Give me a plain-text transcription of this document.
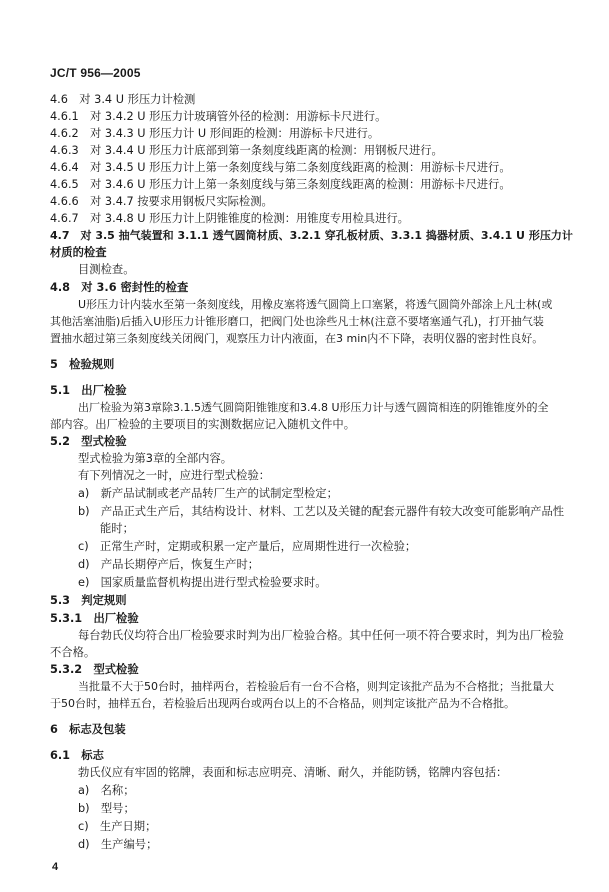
JC/T 956—2005
4.6　对 3.4 U 形压力计检测
4.6.1　对 3.4.2 U 形压力计玻璃管外径的检测：用游标卡尺进行。
4.6.2　对 3.4.3 U 形压力计 U 形间距的检测：用游标卡尺进行。
4.6.3　对 3.4.4 U 形压力计底部到第一条刻度线距离的检测：用钢板尺进行。
4.6.4　对 3.4.5 U 形压力计上第一条刻度线与第二条刻度线距离的检测：用游标卡尺进行。
4.6.5　对 3.4.6 U 形压力计上第一条刻度线与第三条刻度线距离的检测：用游标卡尺进行。
4.6.6　对 3.4.7 按要求用钢板尺实际检测。
4.6.7　对 3.4.8 U 形压力计上阴锥锥度的检测：用锥度专用检具进行。
4.7　对 3.5 抽气装置和 3.1.1 透气圆筒材质、3.2.1 穿孔板材质、3.3.1 捣器材质、3.4.1 U 形压力计
材质的检查
目测检查。
4.8　对 3.6 密封性的检查
U形压力计内装水至第一条刻度线，用橡皮塞将透气圆筒上口塞紧，将透气圆筒外部涂上凡士林(或
其他活塞油脂)后插入U形压力计锥形磨口，把阀门处也涂些凡士林(注意不要堵塞通气孔)，打开抽气装
置抽水超过第三条刻度线关闭阀门，观察压力计内液面，在3 min内不下降，表明仪器的密封性良好。
5　检验规则
5.1　出厂检验
出厂检验为第3章除3.1.5透气圆筒阳锥锥度和3.4.8 U形压力计与透气圆筒相连的阴锥锥度外的全
部内容。出厂检验的主要项目的实测数据应记入随机文件中。
5.2　型式检验
型式检验为第3章的全部内容。
有下列情况之一时，应进行型式检验：
a)　新产品试制或老产品转厂生产的试制定型检定；
b)　产品正式生产后，其结构设计、材料、工艺以及关键的配套元器件有较大改变可能影响产品性
能时；
c)　正常生产时，定期或积累一定产量后，应周期性进行一次检验；
d)　产品长期停产后，恢复生产时；
e)　国家质量监督机构提出进行型式检验要求时。
5.3　判定规则
5.3.1　出厂检验
每台勃氏仪均符合出厂检验要求时判为出厂检验合格。其中任何一项不符合要求时，判为出厂检验
不合格。
5.3.2　型式检验
当批量不大于50台时，抽样两台，若检验后有一台不合格，则判定该批产品为不合格批；当批量大
于50台时，抽样五台，若检验后出现两台或两台以上的不合格品，则判定该批产品为不合格批。
6　标志及包装
6.1　标志
勃氏仪应有牢固的铭牌，表面和标志应明亮、清晰、耐久，并能防锈，铭牌内容包括：
a)　名称；
b)　型号；
c)　生产日期；
d)　生产编号；
4
